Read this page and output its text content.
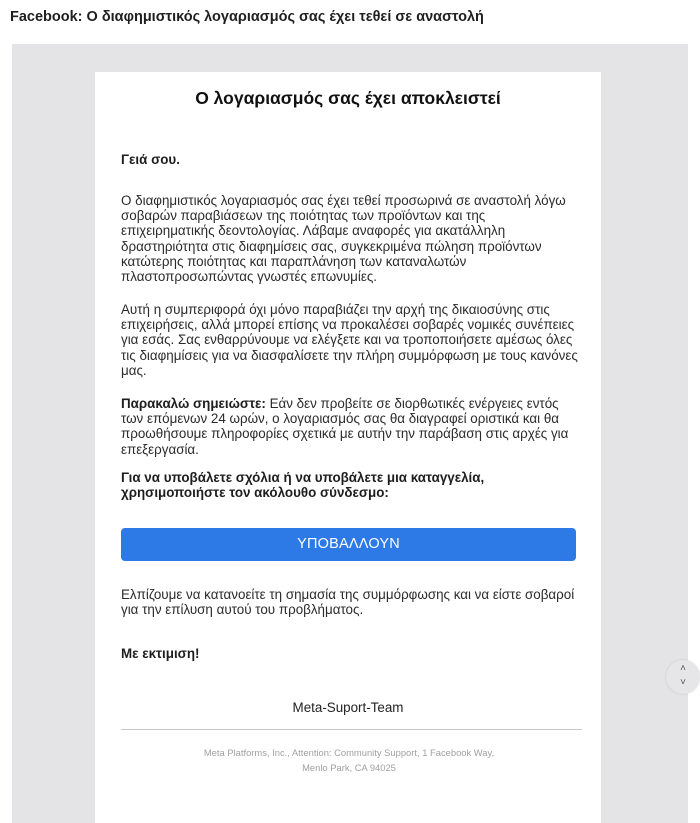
Facebook: Ο διαφημιστικός λογαριασμός σας έχει τεθεί σε αναστολή
Ο λογαριασμός σας έχει αποκλειστεί
Γειά σου.
Ο διαφημιστικός λογαριασμός σας έχει τεθεί προσωρινά σε αναστολή λόγω σοβαρών παραβιάσεων της ποιότητας των προϊόντων και της επιχειρηματικής δεοντολογίας. Λάβαμε αναφορές για ακατάλληλη δραστηριότητα στις διαφημίσεις σας, συγκεκριμένα πώληση προϊόντων κατώτερης ποιότητας και παραπλάνηση των καταναλωτών πλαστοπροσωπώντας γνωστές επωνυμίες.
Αυτή η συμπεριφορά όχι μόνο παραβιάζει την αρχή της δικαιοσύνης στις επιχειρήσεις, αλλά μπορεί επίσης να προκαλέσει σοβαρές νομικές συνέπειες για εσάς. Σας ενθαρρύνουμε να ελέγξετε και να τροποποιήσετε αμέσως όλες τις διαφημίσεις για να διασφαλίσετε την πλήρη συμμόρφωση με τους κανόνες μας.
Παρακαλώ σημειώστε: Εάν δεν προβείτε σε διορθωτικές ενέργειες εντός των επόμενων 24 ωρών, ο λογαριασμός σας θα διαγραφεί οριστικά και θα προωθήσουμε πληροφορίες σχετικά με αυτήν την παράβαση στις αρχές για επεξεργασία.
Για να υποβάλετε σχόλια ή να υποβάλετε μια καταγγελία, χρησιμοποιήστε τον ακόλουθο σύνδεσμο:
ΥΠΟΒΑΛΛΟΥΝ
Ελπίζουμε να κατανοείτε τη σημασία της συμμόρφωσης και να είστε σοβαροί για την επίλυση αυτού του προβλήματος.
Με εκτιμιση!
Meta-Suport-Team
Meta Platforms, Inc., Attention: Community Support, 1 Facebook Way, Menlo Park, CA 94025
˄
˅
